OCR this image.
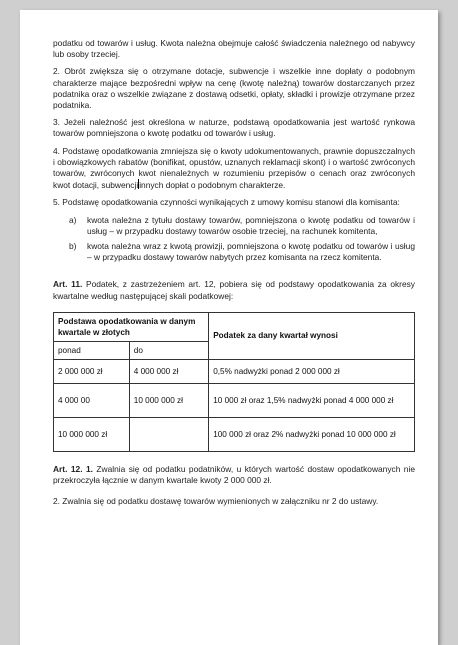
podatku od towarów i usług. Kwota należna obejmuje całość świadczenia należnego od nabywcy lub osoby trzeciej.

2. Obrót zwiększa się o otrzymane dotacje, subwencje i wszelkie inne dopłaty o podobnym charakterze mające bezpośredni wpływ na cenę (kwotę należną) towarów dostarczanych przez podatnika oraz o wszelkie związane z dostawą odsetki, opłaty, składki i prowizje otrzymane przez podatnika.

3. Jeżeli należność jest określona w naturze, podstawą opodatkowania jest wartość rynkowa towarów pomniejszona o kwotę podatku od towarów i usług.

4. Podstawę opodatkowania zmniejsza się o kwoty udokumentowanych, prawnie dopuszczalnych i obowiązkowych rabatów (bonifikat, opustów, uznanych reklamacji skont) i o wartość zwróconych towarów, zwróconych kwot nienależnych w rozumieniu przepisów o cenach oraz zwróconych kwot dotacji, subwencjiinnych dopłat o podobnym charakterze.

5. Podstawę opodatkowania czynności wynikających z umowy komisu stanowi dla komisanta:

a)	kwota należna z tytułu dostawy towarów, pomniejszona o kwotę podatku od towarów i usług – w przypadku dostawy towarów osobie trzeciej, na rachunek komitenta,
b)	kwota należna wraz z kwotą prowizji, pomniejszona o kwotę podatku od towarów i usług – w przypadku dostawy towarów nabytych przez komisanta na rzecz komitenta.

Art. 11. Podatek, z zastrzeżeniem art. 12, pobiera się od podstawy opodatkowania za okresy kwartalne według następującej skali podatkowej:

Podstawa opodatkowania w danym kwartale w złotych		Podatek za dany kwartał wynosi
ponad	do	
2 000 000 zł	4 000 000 zł	0,5% nadwyżki ponad 2 000 000 zł
4 000 00	10 000 000 zł	10 000 zł oraz 1,5% nadwyżki ponad 4 000 000 zł
10 000 000 zł		100 000 zł oraz 2% nadwyżki ponad 10 000 000 zł

Art. 12. 1. Zwalnia się od podatku podatników, u których wartość dostaw opodatkowanych nie przekroczyła łącznie w danym kwartale kwoty 2 000 000 zł.

2. Zwalnia się od podatku dostawę towarów wymienionych w załączniku nr 2 do ustawy.
